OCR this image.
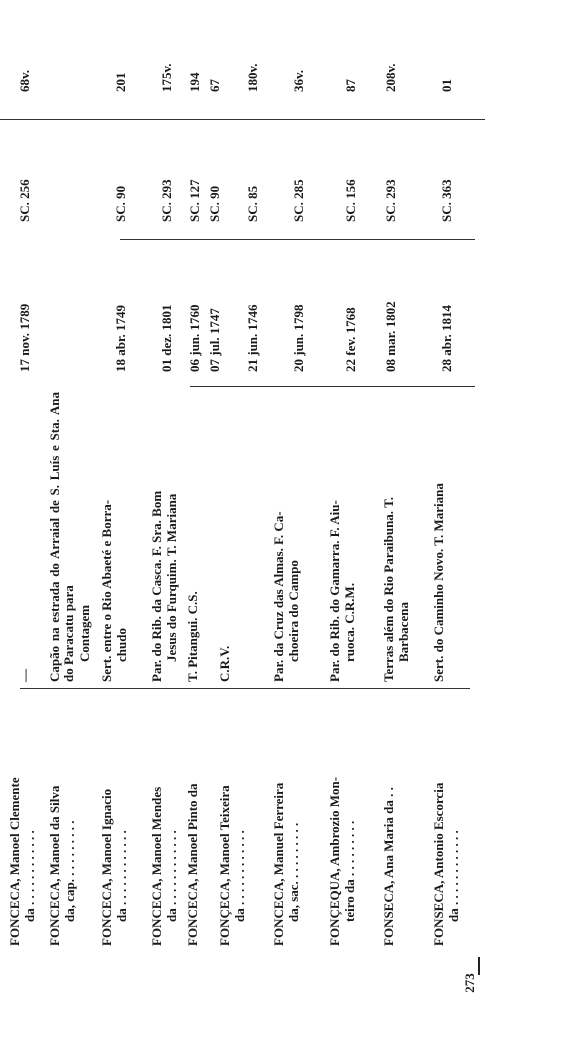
FONCECA, Manoel Clemente da . . . . . . . . . . . .
—
17 nov. 1789
SC. 256
68v.
FONCECA, Manoel da Silva da, cap. . . . . . . . . .
Capão na estrada do Arraial de S. Luís e Sta. Ana do Paracatu para Contagem
18 abr. 1749
SC. 90
201
FONCECA, Manoel Ignacio da . . . . . . . . . . . .
Sert. entre o Rio Abaeté e Borra- chudo
01 dez. 1801
SC. 293
175v.
FONCECA, Manoel Mendes da . . . . . . . . . . . .
Par. do Rib. da Casca. F. Sra. Bom Jesus do Furquim. T. Mariana
06 jun. 1760
SC. 127
194
FONCECA, Manoel Pinto da
T. Pitangui. C.S.
07 jul. 1747
SC. 90
67
FONÇECA, Manoel Teixeira da . . . . . . . . . . . .
C.R.V.
21 jun. 1746
SC. 85
180v.
FONCECA, Manuel Ferreira da, sac. . . . . . . . . .
Par. da Cruz das Almas. F. Ca- choeira do Campo
20 jun. 1798
SC. 285
36v.
FONÇEQUA, Ambrozio Mon- teiro da . . . . . . . . .
Par. do Rib. do Gamarra. F. Aiu- ruoca. C.R.M.
22 fev. 1768
SC. 156
87
FONSECA, Ana Maria da . .
Terras além do Rio Paraibuna. T. Barbacena
08 mar. 1802
SC. 293
208v.
FONSECA, Antonio Escorcia da . . . . . . . . . . . .
Sert. do Caminho Novo. T. Mariana
28 abr. 1814
SC. 363
01
273
